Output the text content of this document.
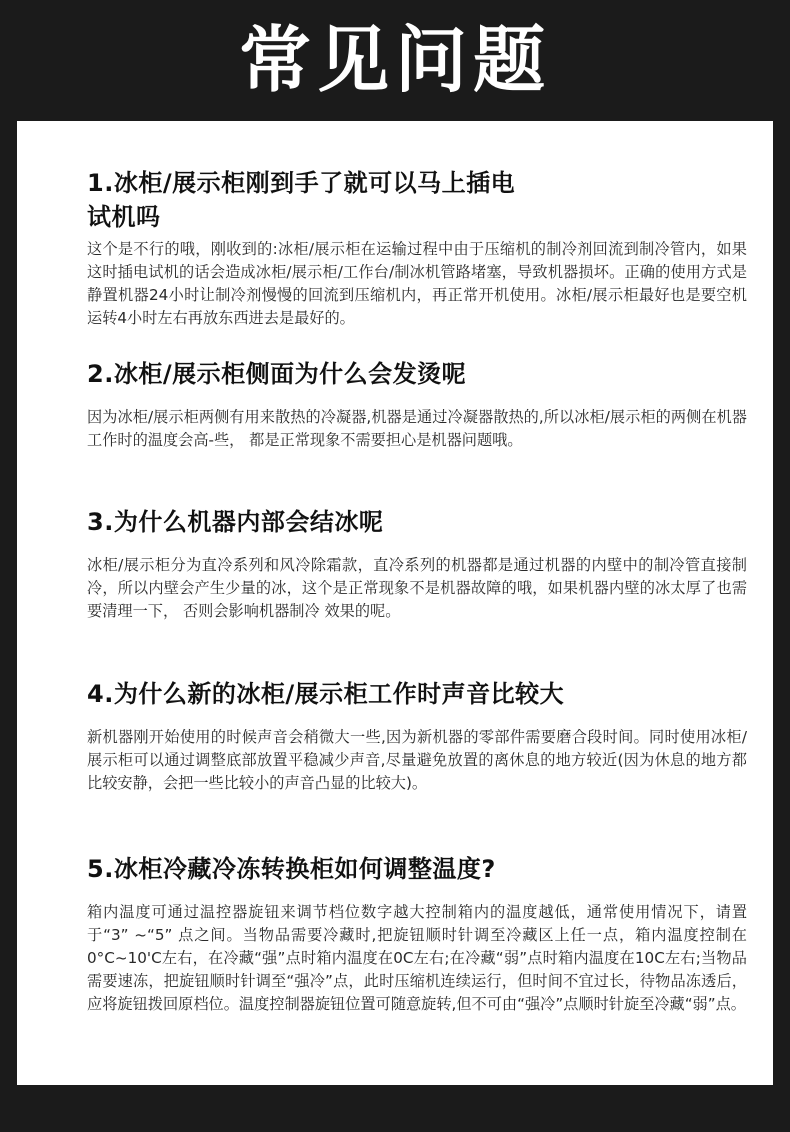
常见问题
1.冰柜/展示柜刚到手了就可以马上插电试机吗

这个是不行的哦，刚收到的:冰柜/展示柜在运输过程中由于压缩机的制冷剂回流到制冷管内，如果这时插电试机的话会造成冰柜/展示柜/工作台/制冰机管路堵塞，导致机器损坏。正确的使用方式是静置机器24小时让制冷剂慢慢的回流到压缩机内，再正常开机使用。冰柜/展示柜最好也是要空机运转4小时左右再放东西进去是最好的。

2.冰柜/展示柜侧面为什么会发烫呢

因为冰柜/展示柜两侧有用来散热的冷凝器,机器是通过冷凝器散热的,所以冰柜/展示柜的两侧在机器工作时的温度会高-些， 都是正常现象不需要担心是机器问题哦。

3.为什么机器内部会结冰呢

冰柜/展示柜分为直冷系列和风冷除霜款，直冷系列的机器都是通过机器的内壁中的制冷管直接制冷，所以内壁会产生少量的冰，这个是正常现象不是机器故障的哦，如果机器内壁的冰太厚了也需要清理一下， 否则会影响机器制冷 效果的呢。

4.为什么新的冰柜/展示柜工作时声音比较大

新机器刚开始使用的时候声音会稍微大一些,因为新机器的零部件需要磨合段时间。同时使用冰柜/展示柜可以通过调整底部放置平稳减少声音,尽量避免放置的离休息的地方较近(因为休息的地方都比较安静，会把一些比较小的声音凸显的比较大)。

5.冰柜冷藏冷冻转换柜如何调整温度?

箱内温度可通过温控器旋钮来调节档位数字越大控制箱内的温度越低，通常使用情况下，请置于“3” ~“5” 点之间。当物品需要冷藏时,把旋钮顺时针调至冷藏区上任一点，箱内温度控制在0°C~10'C左右，在冷藏“强”点时箱内温度在0C左右;在冷藏“弱”点时箱内温度在10C左右;当物品需要速冻，把旋钮顺时针调至“强冷”点，此时压缩机连续运行，但时间不宜过长，待物品冻透后，应将旋钮拨回原档位。温度控制器旋钮位置可随意旋转,但不可由“强冷”点顺时针旋至冷藏“弱”点。
